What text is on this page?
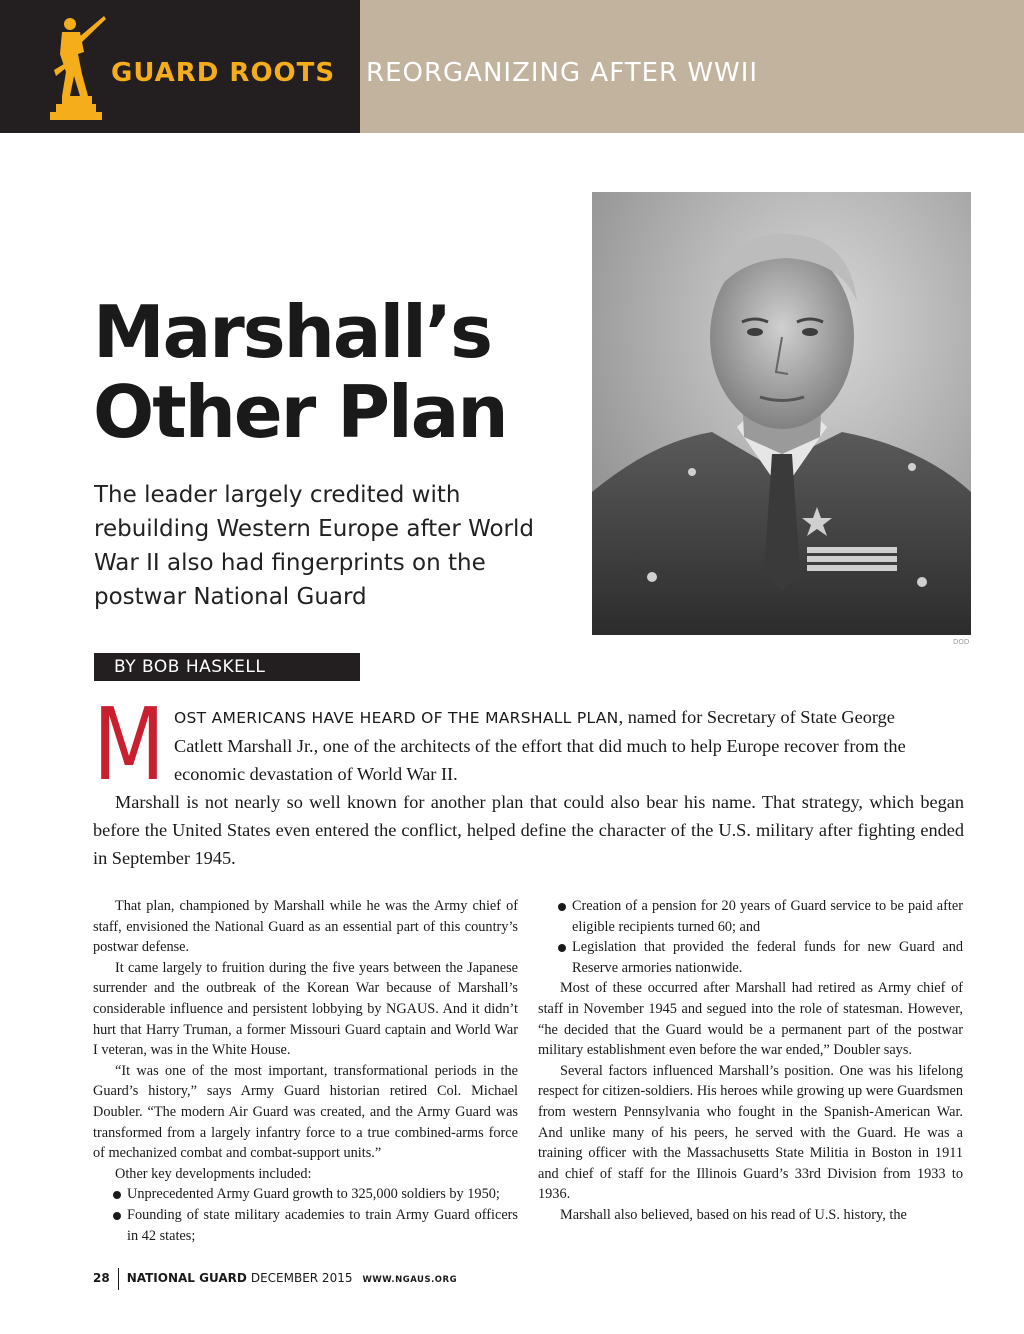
GUARD ROOTS REORGANIZING AFTER WWII
Marshall’s
Other Plan
The leader largely credited with rebuilding Western Europe after World War II also had fingerprints on the postwar National Guard
DOD
BY BOB HASKELL
M OST AMERICANS HAVE HEARD OF THE MARSHALL PLAN, named for Secretary of State George

Catlett Marshall Jr., one of the architects of the effort that did much to help Europe recover from the

economic devastation of World War II.

Marshall is not nearly so well known for another plan that could also bear his name. That strategy, which began before the United States even entered the conflict, helped define the character of the U.S. military after fighting ended in September 1945.

That plan, championed by Marshall while he was the Army chief of staff, envisioned the National Guard as an essential part of this country’s postwar defense.

It came largely to fruition during the five years between the Japanese surrender and the outbreak of the Korean War because of Marshall’s considerable influence and persistent lobbying by NGAUS. And it didn’t hurt that Harry Truman, a former Missouri Guard captain and World War I veteran, was in the White House.

“It was one of the most important, transformational periods in the Guard’s history,” says Army Guard historian retired Col. Michael Doubler. “The modern Air Guard was created, and the Army Guard was transformed from a largely infantry force to a true combined-arms force of mechanized combat and combat-support units.”

Other key developments included:

Unprecedented Army Guard growth to 325,000 soldiers by 1950;
Founding of state military academies to train Army Guard officers in 42 states;
Creation of a pension for 20 years of Guard service to be paid after eligible recipients turned 60; and
Legislation that provided the federal funds for new Guard and Reserve armories nationwide.

Most of these occurred after Marshall had retired as Army chief of staff in November 1945 and segued into the role of statesman. However, “he decided that the Guard would be a permanent part of the postwar military establishment even before the war ended,” Doubler says.

Several factors influenced Marshall’s position. One was his lifelong respect for citizen-soldiers. His heroes while growing up were Guardsmen from western Pennsylvania who fought in the Spanish-American War. And unlike many of his peers, he served with the Guard. He was a training officer with the Massachusetts State Militia in Boston in 1911 and chief of staff for the Illinois Guard’s 33rd Division from 1933 to 1936.

Marshall also believed, based on his read of U.S. history, the

28 NATIONAL GUARD DECEMBER 2015 WWW.NGAUS.ORG
